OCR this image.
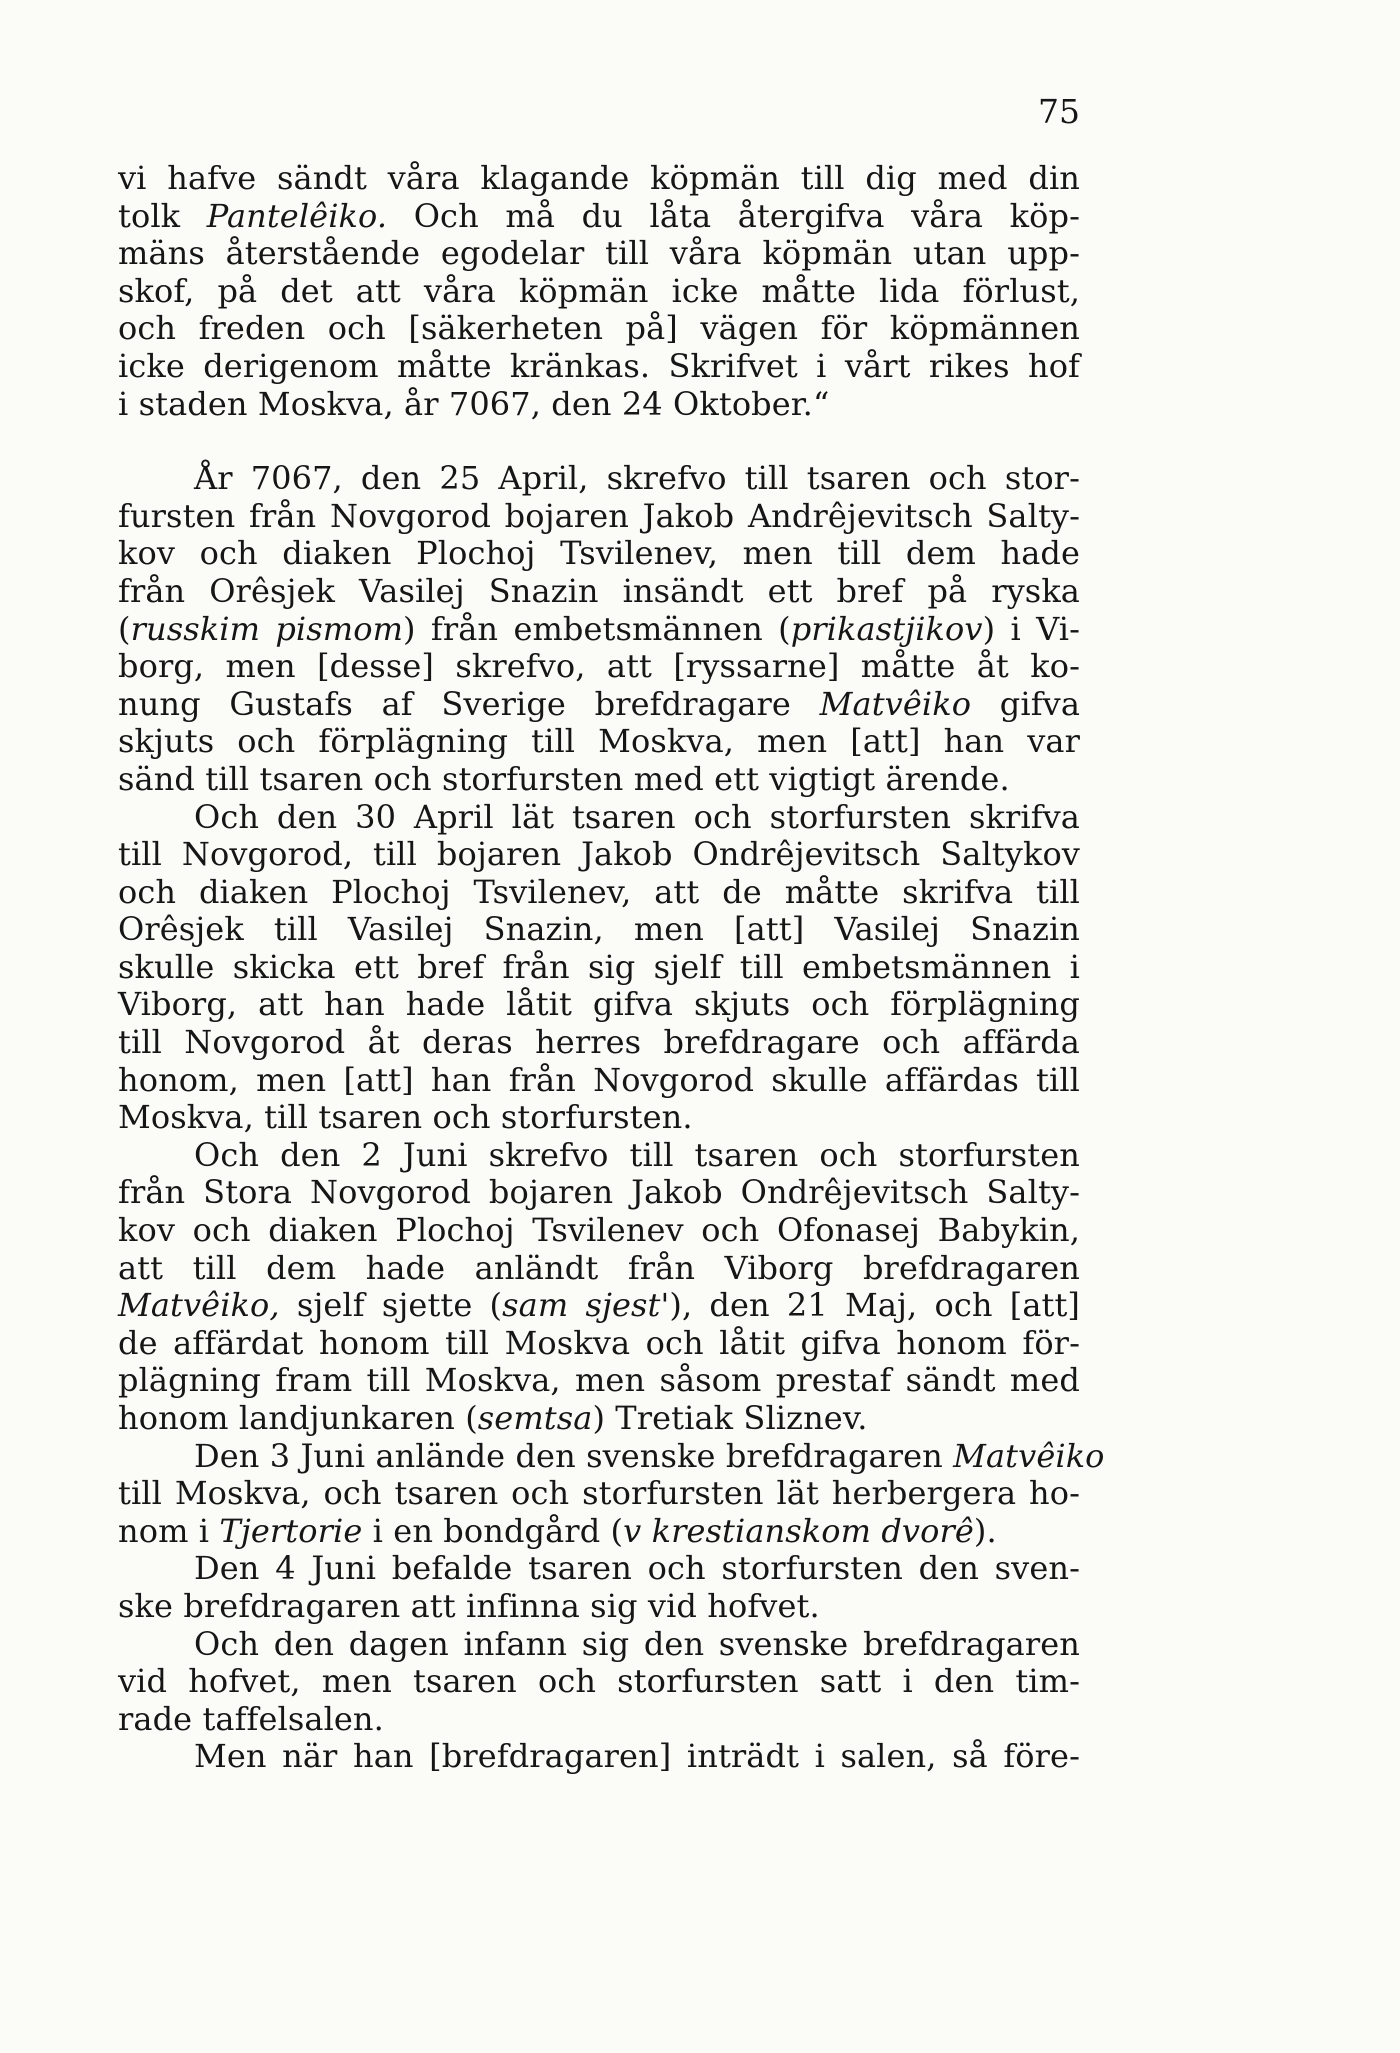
75
vi hafve sändt våra klagande köpmän till dig med din
tolk Pantelêiko. Och må du låta återgifva våra köp-
mäns återstående egodelar till våra köpmän utan upp-
skof, på det att våra köpmän icke måtte lida förlust,
och freden och [säkerheten på] vägen för köpmännen
icke derigenom måtte kränkas. Skrifvet i vårt rikes hof
i staden Moskva, år 7067, den 24 Oktober.“
År 7067, den 25 April, skrefvo till tsaren och stor-
fursten från Novgorod bojaren Jakob Andrêjevitsch Salty-
kov och diaken Plochoj Tsvilenev, men till dem hade
från Orêsjek Vasilej Snazin insändt ett bref på ryska
(russkim pismom) från embetsmännen (prikastjikov) i Vi-
borg, men [desse] skrefvo, att [ryssarne] måtte åt ko-
nung Gustafs af Sverige brefdragare Matvêiko gifva
skjuts och förplägning till Moskva, men [att] han var
sänd till tsaren och storfursten med ett vigtigt ärende.
Och den 30 April lät tsaren och storfursten skrifva
till Novgorod, till bojaren Jakob Ondrêjevitsch Saltykov
och diaken Plochoj Tsvilenev, att de måtte skrifva till
Orêsjek till Vasilej Snazin, men [att] Vasilej Snazin
skulle skicka ett bref från sig sjelf till embetsmännen i
Viborg, att han hade låtit gifva skjuts och förplägning
till Novgorod åt deras herres brefdragare och affärda
honom, men [att] han från Novgorod skulle affärdas till
Moskva, till tsaren och storfursten.
Och den 2 Juni skrefvo till tsaren och storfursten
från Stora Novgorod bojaren Jakob Ondrêjevitsch Salty-
kov och diaken Plochoj Tsvilenev och Ofonasej Babykin,
att till dem hade anländt från Viborg brefdragaren
Matvêiko, sjelf sjette (sam sjest'), den 21 Maj, och [att]
de affärdat honom till Moskva och låtit gifva honom för-
plägning fram till Moskva, men såsom prestaf sändt med
honom landjunkaren (semtsa) Tretiak Sliznev.
Den 3 Juni anlände den svenske brefdragaren Matvêiko
till Moskva, och tsaren och storfursten lät herbergera ho-
nom i Tjertorie i en bondgård (v krestianskom dvorê).
Den 4 Juni befalde tsaren och storfursten den sven-
ske brefdragaren att infinna sig vid hofvet.
Och den dagen infann sig den svenske brefdragaren
vid hofvet, men tsaren och storfursten satt i den tim-
rade taffelsalen.
Men när han [brefdragaren] inträdt i salen, så före-
